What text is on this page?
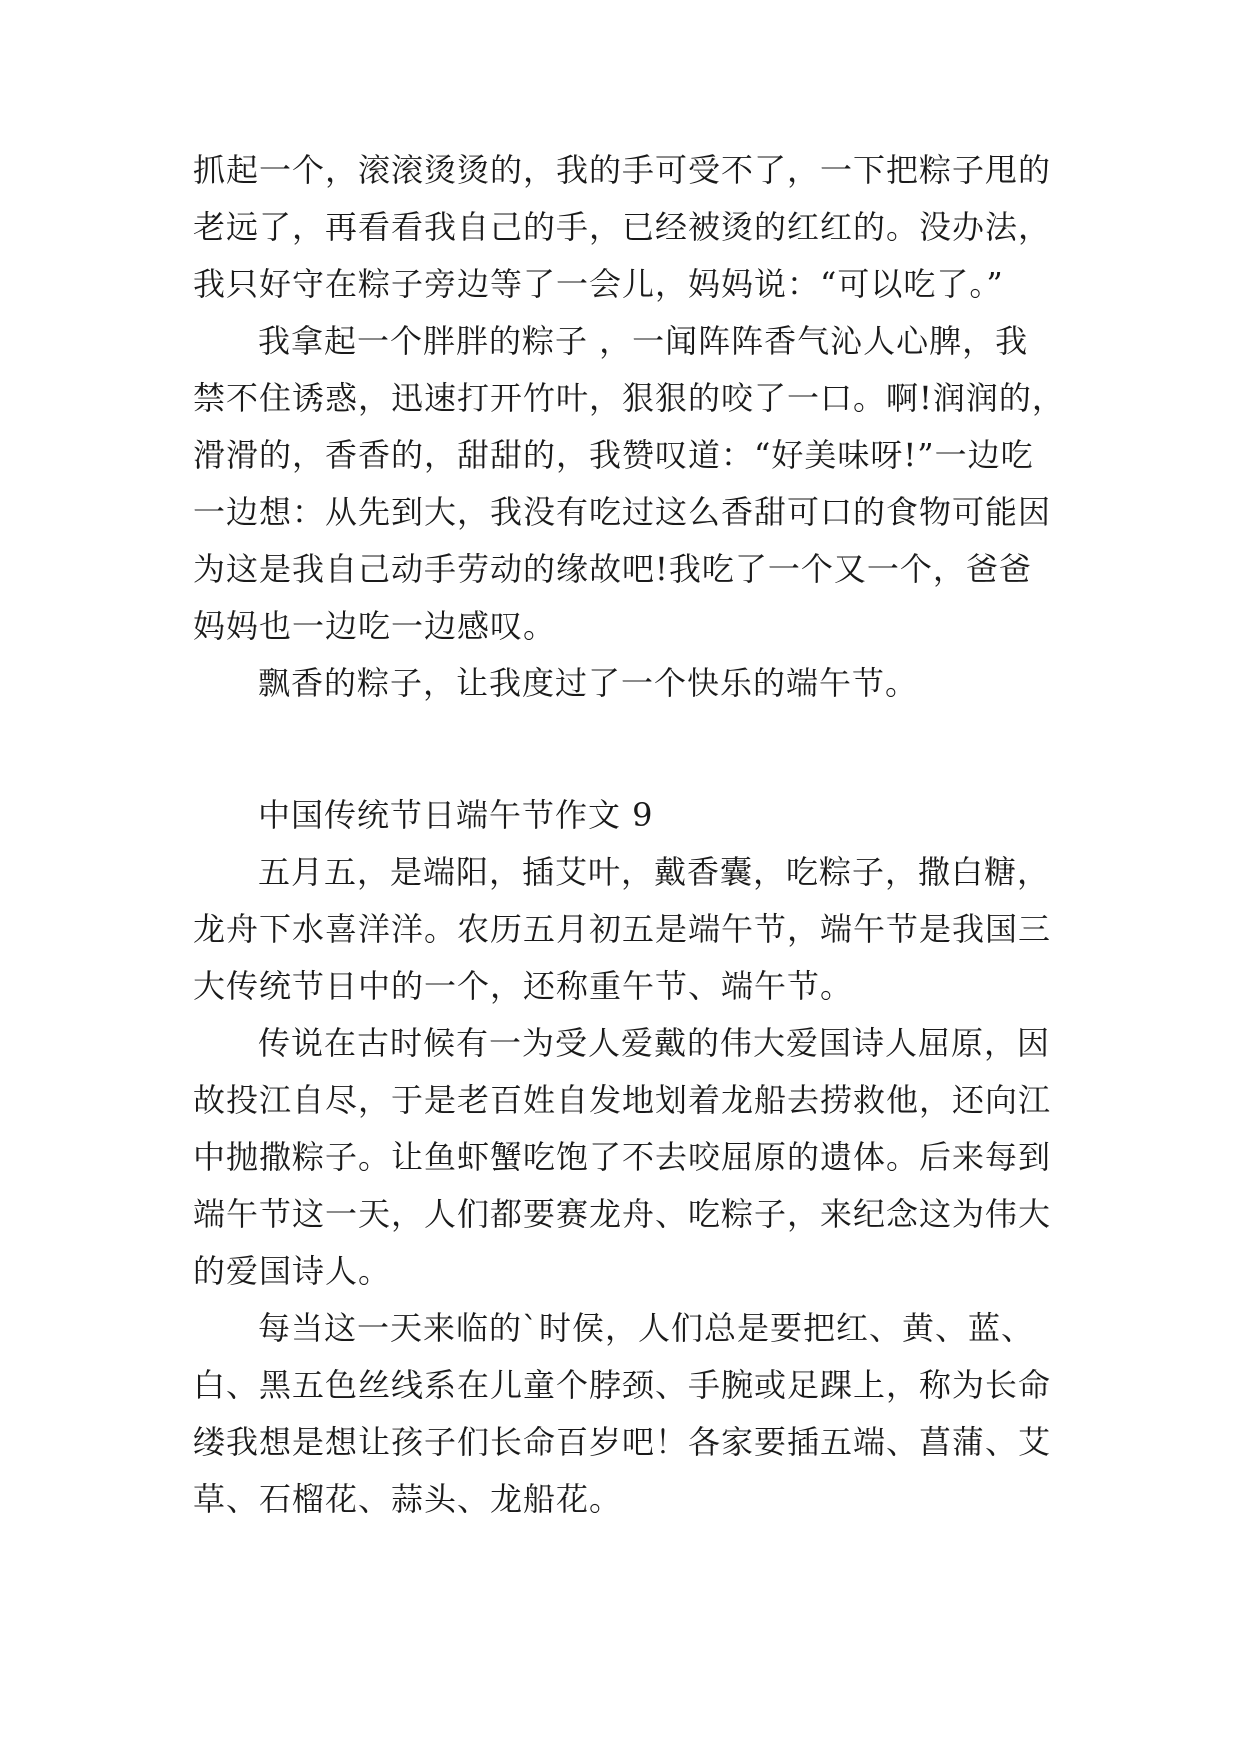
抓起一个，滚滚烫烫的，我的手可受不了，一下把粽子甩的
老远了，再看看我自己的手，已经被烫的红红的。没办法，
我只好守在粽子旁边等了一会儿，妈妈说：“可以吃了。”
我拿起一个胖胖的粽子 ，一闻阵阵香气沁人心脾，我
禁不住诱惑，迅速打开竹叶，狠狠的咬了一口。啊!润润的，
滑滑的，香香的，甜甜的，我赞叹道：“好美味呀!”一边吃
一边想：从先到大，我没有吃过这么香甜可口的食物可能因
为这是我自己动手劳动的缘故吧!我吃了一个又一个，爸爸
妈妈也一边吃一边感叹。
飘香的粽子，让我度过了一个快乐的端午节。
中国传统节日端午节作文 9
五月五，是端阳，插艾叶，戴香囊，吃粽子，撒白糖，
龙舟下水喜洋洋。农历五月初五是端午节，端午节是我国三
大传统节日中的一个，还称重午节、端午节。
传说在古时候有一为受人爱戴的伟大爱国诗人屈原，因
故投江自尽，于是老百姓自发地划着龙船去捞救他，还向江
中抛撒粽子。让鱼虾蟹吃饱了不去咬屈原的遗体。后来每到
端午节这一天，人们都要赛龙舟、吃粽子，来纪念这为伟大
的爱国诗人。
每当这一天来临的`时侯，人们总是要把红、黄、蓝、
白、黑五色丝线系在儿童个脖颈、手腕或足踝上，称为长命
缕我想是想让孩子们长命百岁吧！各家要插五端、菖蒲、艾
草、石榴花、蒜头、龙船花。
